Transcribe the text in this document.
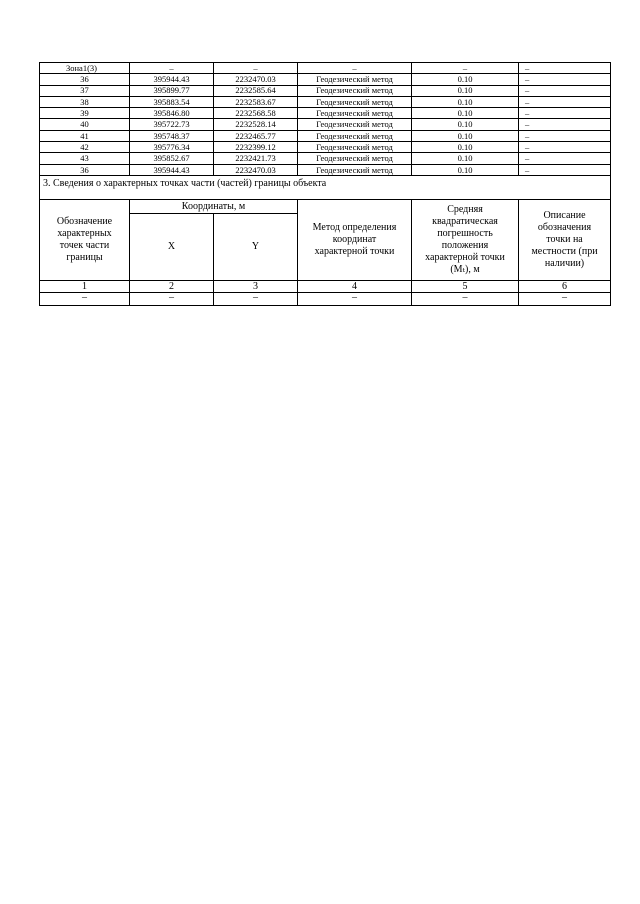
Зона1(3)	–	–	–	–	–
36	395944.43	2232470.03	Геодезический метод	0.10	–
37	395899.77	2232585.64	Геодезический метод	0.10	–
38	395883.54	2232583.67	Геодезический метод	0.10	–
39	395846.80	2232568.58	Геодезический метод	0.10	–
40	395722.73	2232528.14	Геодезический метод	0.10	–
41	395748.37	2232465.77	Геодезический метод	0.10	–
42	395776.34	2232399.12	Геодезический метод	0.10	–
43	395852.67	2232421.73	Геодезический метод	0.10	–
36	395944.43	2232470.03	Геодезический метод	0.10	–
3. Сведения о характерных точках части (частей) границы объекта					
Обозначение характерных точек части границы	Координаты, м		Метод определения координат характерной точки	Средняя квадратическая погрешность положения характерной точки (Mₜ), м	Описание обозначения точки на местности (при наличии)
	X	Y			
1	2	3	4	5	6
–	–	–	–	–	–
